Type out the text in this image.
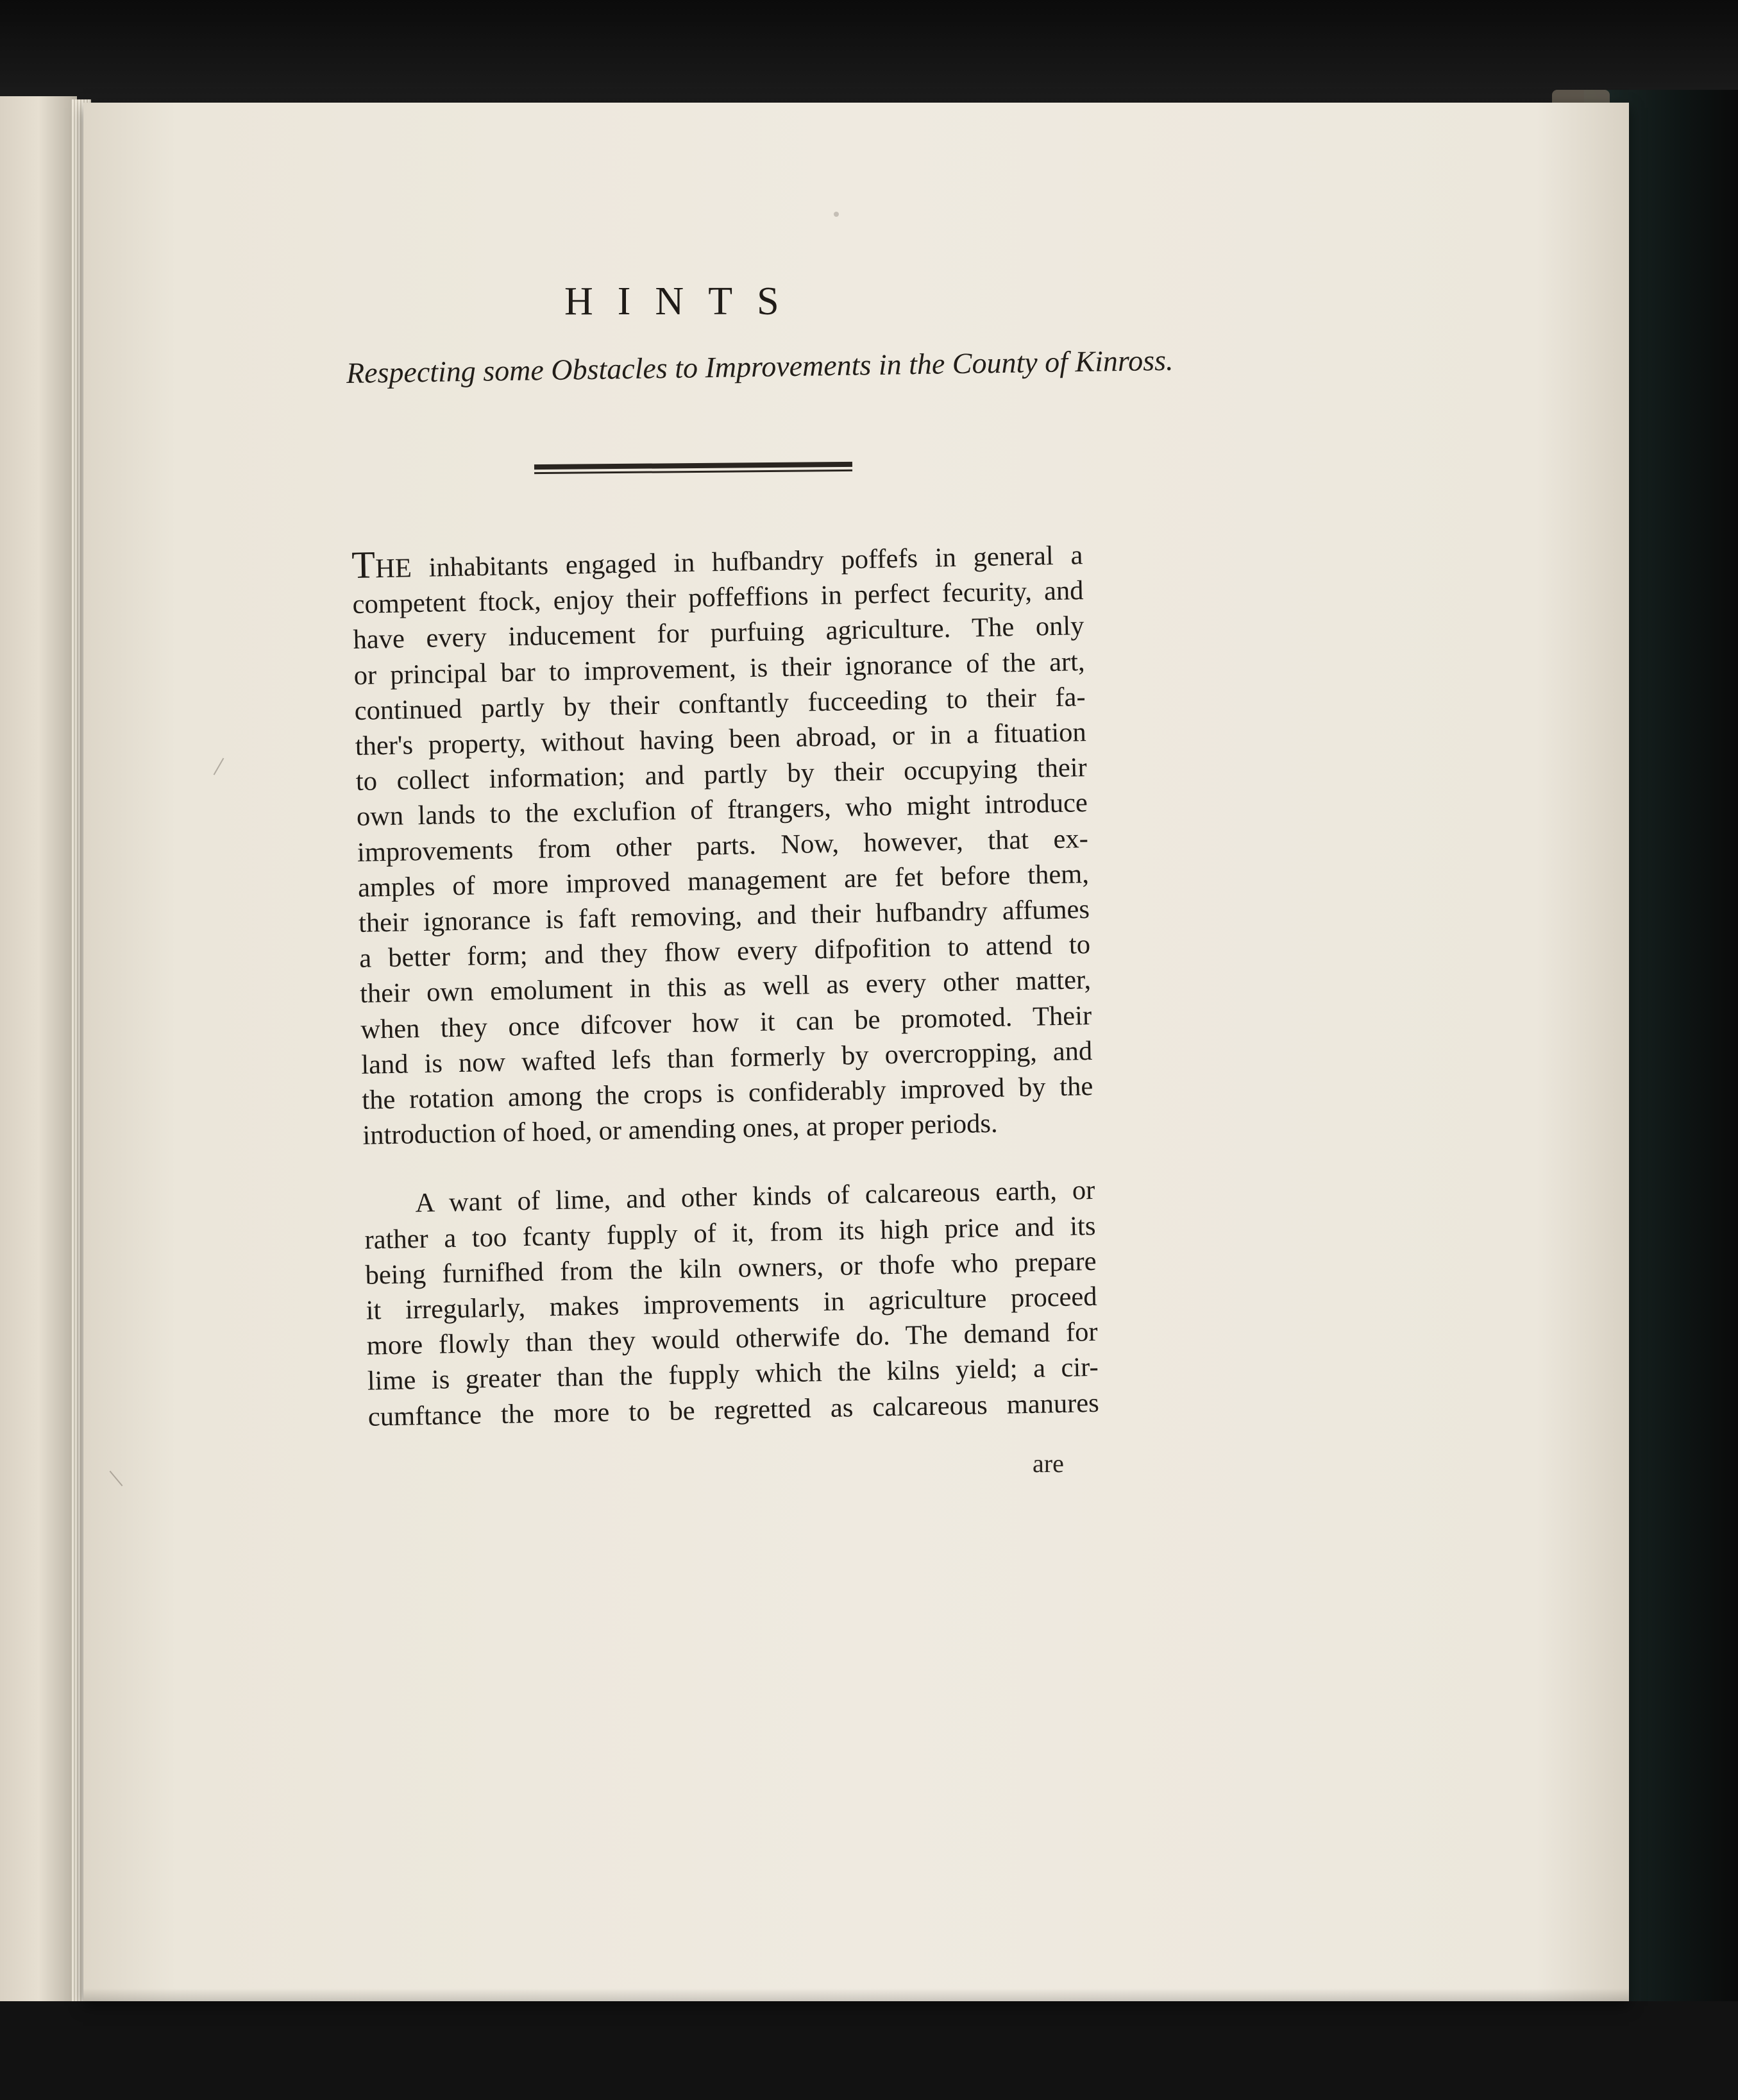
HINTS
Respecting some Obstacles to Improvements in the County of Kinross.
THE inhabitants engaged in hufbandry poffefs in general a
competent ftock, enjoy their poffeffions in perfect fecurity, and
have every inducement for purfuing agriculture. The only
or principal bar to improvement, is their ignorance of the art,
continued partly by their conftantly fucceeding to their fa-
ther's property, without having been abroad, or in a fituation
to collect information; and partly by their occupying their
own lands to the exclufion of ftrangers, who might introduce
improvements from other parts. Now, however, that ex-
amples of more improved management are fet before them,
their ignorance is faft removing, and their hufbandry affumes
a better form; and they fhow every difpofition to attend to
their own emolument in this as well as every other matter,
when they once difcover how it can be promoted. Their
land is now wafted lefs than formerly by overcropping, and
the rotation among the crops is confiderably improved by the
introduction of hoed, or amending ones, at proper periods.
A want of lime, and other kinds of calcareous earth, or
rather a too fcanty fupply of it, from its high price and its
being furnifhed from the kiln owners, or thofe who prepare
it irregularly, makes improvements in agriculture proceed
more flowly than they would otherwife do. The demand for
lime is greater than the fupply which the kilns yield; a cir-
cumftance the more to be regretted as calcareous manures
are
